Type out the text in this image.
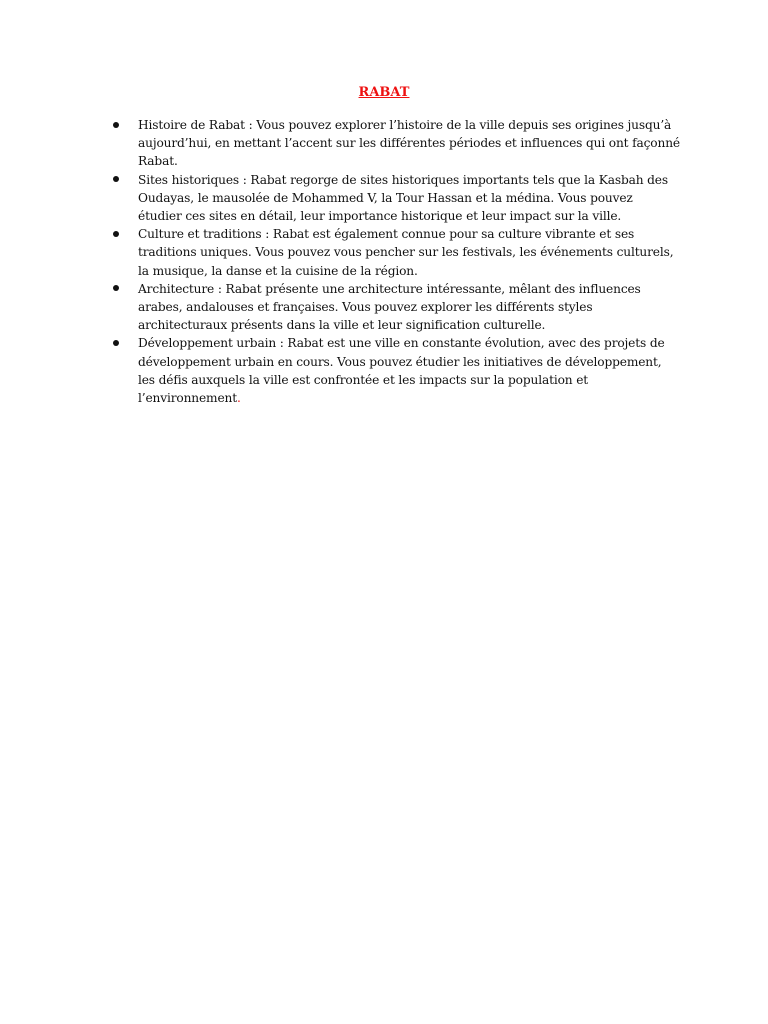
RABAT
Histoire de Rabat : Vous pouvez explorer l’histoire de la ville depuis ses origines jusqu’à aujourd’hui, en mettant l’accent sur les différentes périodes et influences qui ont façonné Rabat.
Sites historiques : Rabat regorge de sites historiques importants tels que la Kasbah des Oudayas, le mausolée de Mohammed V, la Tour Hassan et la médina. Vous pouvez étudier ces sites en détail, leur importance historique et leur impact sur la ville.
Culture et traditions : Rabat est également connue pour sa culture vibrante et ses traditions uniques. Vous pouvez vous pencher sur les festivals, les événements culturels, la musique, la danse et la cuisine de la région.
Architecture : Rabat présente une architecture intéressante, mêlant des influences arabes, andalouses et françaises. Vous pouvez explorer les différents styles architecturaux présents dans la ville et leur signification culturelle.
Développement urbain : Rabat est une ville en constante évolution, avec des projets de développement urbain en cours. Vous pouvez étudier les initiatives de développement, les défis auxquels la ville est confrontée et les impacts sur la population et l’environnement.
